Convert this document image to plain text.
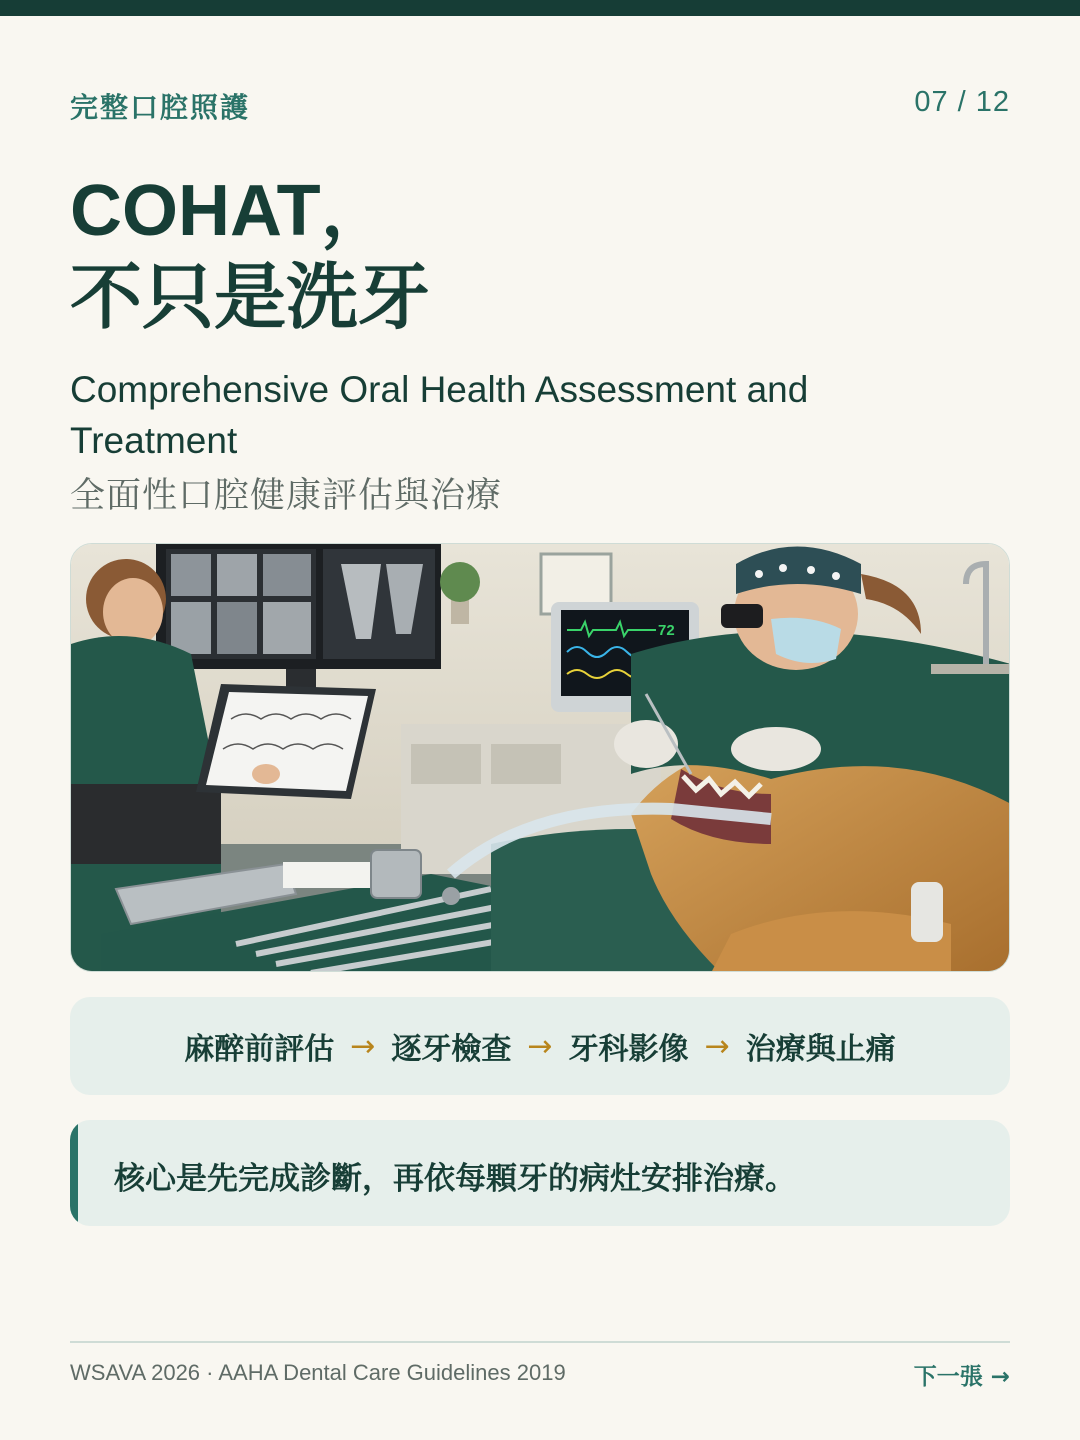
完整口腔照護	07 / 12
COHAT，
不只是洗牙
Comprehensive Oral Health Assessment and Treatment
全面性口腔健康評估與治療
72
麻醉前評估 → 逐牙檢查 → 牙科影像 → 治療與止痛
核心是先完成診斷，再依每顆牙的病灶安排治療。
WSAVA 2026 · AAHA Dental Care Guidelines 2019	下一張 →
